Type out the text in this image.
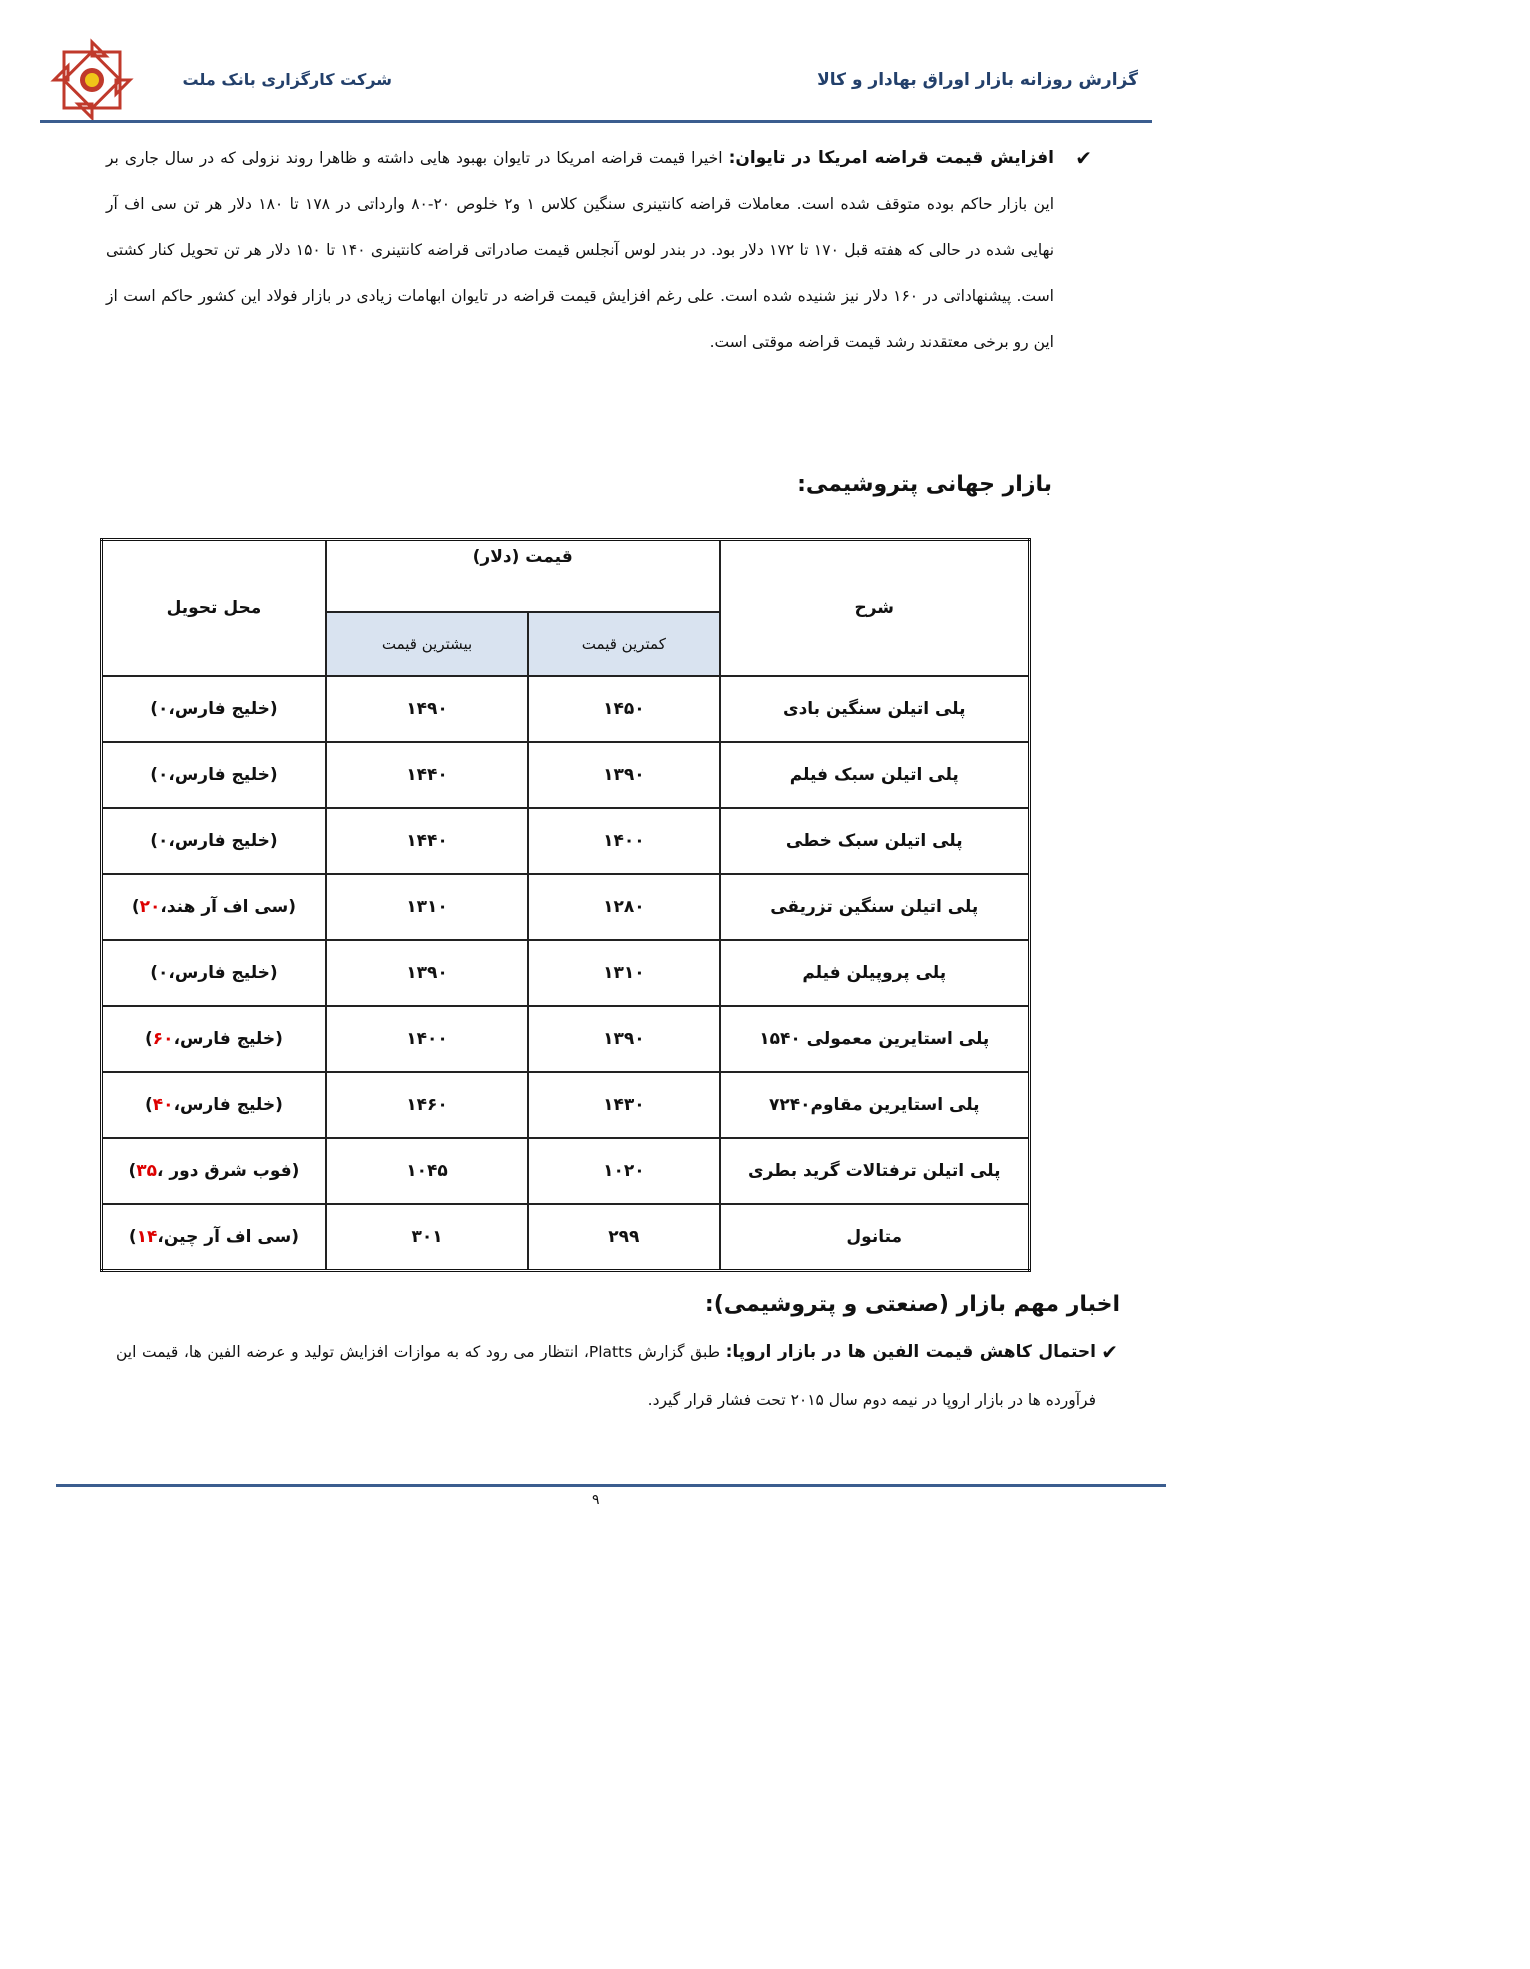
شرکت کارگزاری بانک ملت	گزارش روزانه بازار اوراق بهادار و کالا
✔
افزایش قیمت قراضه امریکا در تایوان: اخیرا قیمت قراضه امریکا در تایوان بهبود هایی داشته و ظاهرا روند نزولی که در سال جاری بر این بازار حاکم بوده متوقف شده است. معاملات قراضه کانتینری سنگین کلاس ۱ و۲ خلوص ۲۰-۸۰ وارداتی در ۱۷۸ تا ۱۸۰ دلار هر تن سی اف آر نهایی شده در حالی که هفته قبل ۱۷۰ تا ۱۷۲ دلار بود. در بندر لوس آنجلس قیمت صادراتی قراضه کانتینری ۱۴۰ تا ۱۵۰ دلار هر تن تحویل کنار کشتی است. پیشنهاداتی در ۱۶۰ دلار نیز شنیده شده است. علی رغم افزایش قیمت قراضه در تایوان ابهامات زیادی در بازار فولاد این کشور حاکم است از این رو برخی معتقدند رشد قیمت قراضه موقتی است.
بازار جهانی پتروشیمی:
شرح	قیمت (دلار)		محل تحویل
	کمترین قیمت	بیشترین قیمت	
پلی اتیلن سنگین بادی	۱۴۵۰	۱۴۹۰	(خلیج فارس،۰)
پلی اتیلن سبک فیلم	۱۳۹۰	۱۴۴۰	(خلیج فارس،۰)
پلی اتیلن سبک خطی	۱۴۰۰	۱۴۴۰	(خلیج فارس،۰)
پلی اتیلن سنگین تزریقی	۱۲۸۰	۱۳۱۰	(سی اف آر هند،۲۰)
پلی پروپیلن فیلم	۱۳۱۰	۱۳۹۰	(خلیج فارس،۰)
پلی استایرین معمولی ۱۵۴۰	۱۳۹۰	۱۴۰۰	(خلیج فارس،۶۰)
پلی استایرین مقاوم۷۲۴۰	۱۴۳۰	۱۴۶۰	(خلیج فارس،۴۰)
پلی اتیلن ترفتالات گرید بطری	۱۰۲۰	۱۰۴۵	(فوب شرق دور ،۳۵)
متانول	۲۹۹	۳۰۱	(سی اف آر چین،۱۴)
اخبار مهم بازار (صنعتی و پتروشیمی):
✔
احتمال کاهش قیمت الفین ها در بازار اروپا: طبق گزارش Platts، انتظار می رود که به موازات افزایش تولید و عرضه الفین ها، قیمت این فرآورده ها در بازار اروپا در نیمه دوم سال ۲۰۱۵ تحت فشار قرار گیرد.
۹
